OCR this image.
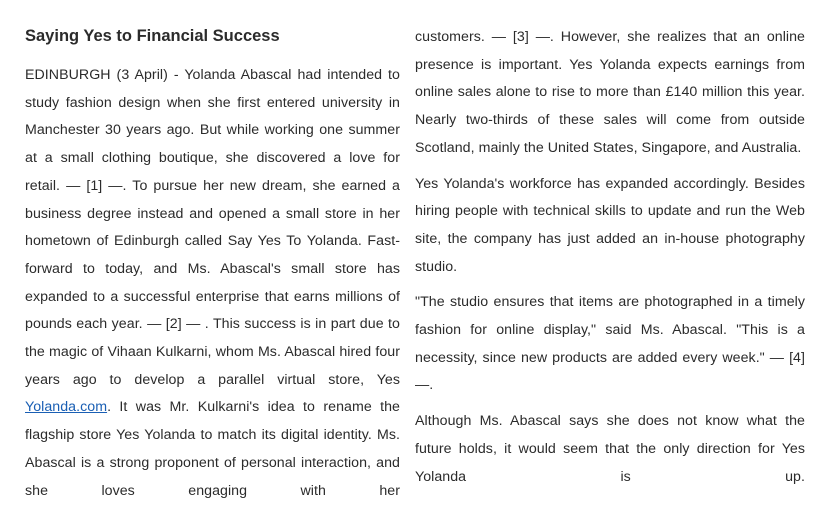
Saying Yes to Financial Success

EDINBURGH (3 April) - Yolanda Abascal had intended to study fashion design when she first entered university in Manchester 30 years ago. But while working one summer at a small clothing boutique, she discovered a love for retail. — [1] —. To pursue her new dream, she earned a business degree instead and opened a small store in her hometown of Edinburgh called Say Yes To Yolanda. Fast-forward to today, and Ms. Abascal's small store has expanded to a successful enterprise that earns millions of pounds each year. — [2] — . This success is in part due to the magic of Vihaan Kulkarni, whom Ms. Abascal hired four years ago to develop a parallel virtual store, Yes Yolanda.com. It was Mr. Kulkarni's idea to rename the flagship store Yes Yolanda to match its digital identity. Ms. Abascal is a strong proponent of personal interaction, and she loves engaging with her

customers. — [3] —. However, she realizes that an online presence is important. Yes Yolanda expects earnings from online sales alone to rise to more than £140 million this year. Nearly two-thirds of these sales will come from outside Scotland, mainly the United States, Singapore, and Australia.

Yes Yolanda's workforce has expanded accordingly. Besides hiring people with technical skills to update and run the Web site, the company has just added an in-house photography studio.

"The studio ensures that items are photographed in a timely fashion for online display," said Ms. Abascal. "This is a necessity, since new products are added every week." — [4] —.

Although Ms. Abascal says she does not know what the future holds, it would seem that the only direction for Yes Yolanda is up.
